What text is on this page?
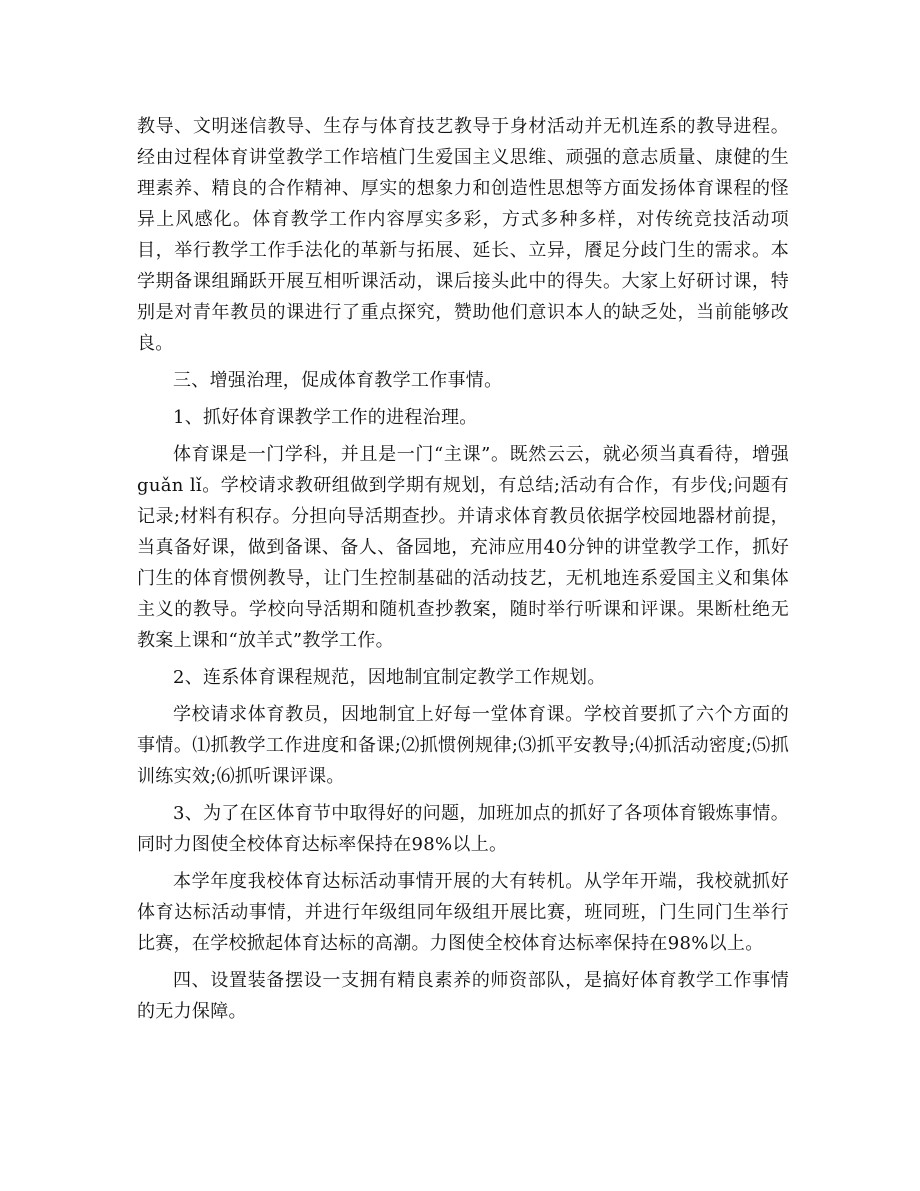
教导、文明迷信教导、生存与体育技艺教导于身材活动并无机连系的教导进程。经由过程体育讲堂教学工作培植门生爱国主义思维、顽强的意志质量、康健的生理素养、精良的合作精神、厚实的想象力和创造性思想等方面发扬体育课程的怪异上风感化。体育教学工作内容厚实多彩，方式多种多样，对传统竞技活动项目，举行教学工作手法化的革新与拓展、延长、立异，餍足分歧门生的需求。本学期备课组踊跃开展互相听课活动，课后接头此中的得失。大家上好研讨课，特别是对青年教员的课进行了重点探究，赞助他们意识本人的缺乏处，当前能够改良。

三、增强治理，促成体育教学工作事情。

1、抓好体育课教学工作的进程治理。

体育课是一门学科，并且是一门“主课”。既然云云，就必须当真看待，增强guǎn lǐ。学校请求教研组做到学期有规划，有总结;活动有合作，有步伐;问题有记录;材料有积存。分担向导活期查抄。并请求体育教员依据学校园地器材前提，当真备好课，做到备课、备人、备园地，充沛应用40分钟的讲堂教学工作，抓好门生的体育惯例教导，让门生控制基础的活动技艺，无机地连系爱国主义和集体主义的教导。学校向导活期和随机查抄教案，随时举行听课和评课。果断杜绝无教案上课和“放羊式”教学工作。

2、连系体育课程规范，因地制宜制定教学工作规划。

学校请求体育教员，因地制宜上好每一堂体育课。学校首要抓了六个方面的事情。⑴抓教学工作进度和备课;⑵抓惯例规律;⑶抓平安教导;⑷抓活动密度;⑸抓训练实效;⑹抓听课评课。

3、为了在区体育节中取得好的问题，加班加点的抓好了各项体育锻炼事情。同时力图使全校体育达标率保持在98%以上。

本学年度我校体育达标活动事情开展的大有转机。从学年开端，我校就抓好体育达标活动事情，并进行年级组同年级组开展比赛，班同班，门生同门生举行比赛，在学校掀起体育达标的高潮。力图使全校体育达标率保持在98%以上。

四、设置装备摆设一支拥有精良素养的师资部队，是搞好体育教学工作事情的无力保障。
